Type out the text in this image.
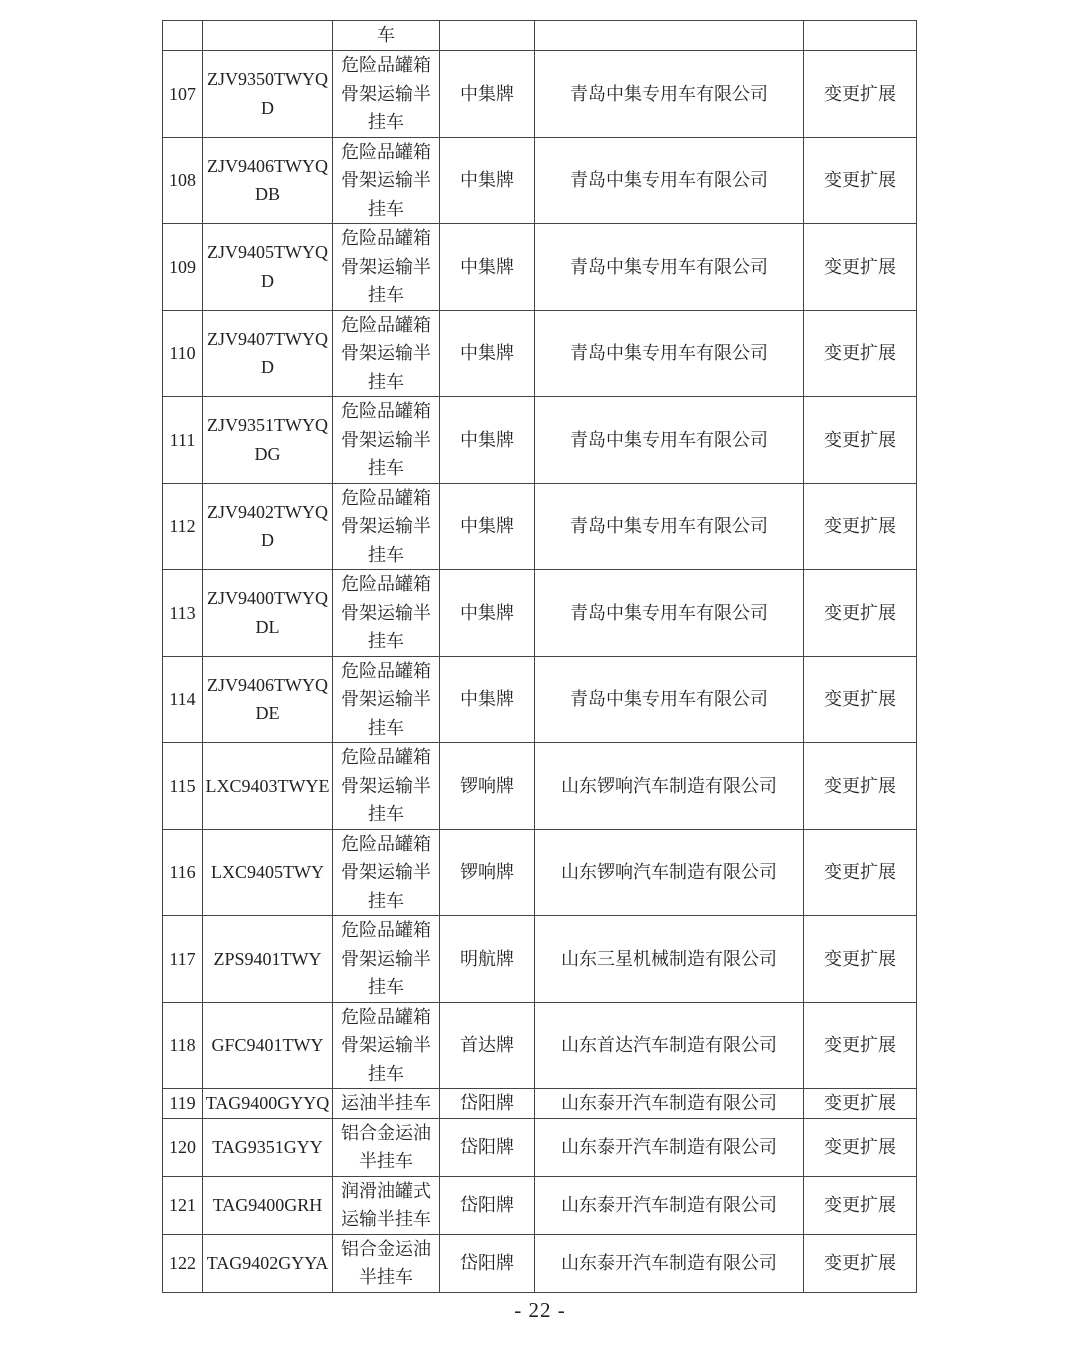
		车			
107	ZJV9350TWYQD	危险品罐箱骨架运输半挂车	中集牌	青岛中集专用车有限公司	变更扩展
108	ZJV9406TWYQDB	危险品罐箱骨架运输半挂车	中集牌	青岛中集专用车有限公司	变更扩展
109	ZJV9405TWYQD	危险品罐箱骨架运输半挂车	中集牌	青岛中集专用车有限公司	变更扩展
110	ZJV9407TWYQD	危险品罐箱骨架运输半挂车	中集牌	青岛中集专用车有限公司	变更扩展
111	ZJV9351TWYQDG	危险品罐箱骨架运输半挂车	中集牌	青岛中集专用车有限公司	变更扩展
112	ZJV9402TWYQD	危险品罐箱骨架运输半挂车	中集牌	青岛中集专用车有限公司	变更扩展
113	ZJV9400TWYQDL	危险品罐箱骨架运输半挂车	中集牌	青岛中集专用车有限公司	变更扩展
114	ZJV9406TWYQDE	危险品罐箱骨架运输半挂车	中集牌	青岛中集专用车有限公司	变更扩展
115	LXC9403TWYE	危险品罐箱骨架运输半挂车	锣响牌	山东锣响汽车制造有限公司	变更扩展
116	LXC9405TWY	危险品罐箱骨架运输半挂车	锣响牌	山东锣响汽车制造有限公司	变更扩展
117	ZPS9401TWY	危险品罐箱骨架运输半挂车	明航牌	山东三星机械制造有限公司	变更扩展
118	GFC9401TWY	危险品罐箱骨架运输半挂车	首达牌	山东首达汽车制造有限公司	变更扩展
119	TAG9400GYYQ	运油半挂车	岱阳牌	山东泰开汽车制造有限公司	变更扩展
120	TAG9351GYY	铝合金运油半挂车	岱阳牌	山东泰开汽车制造有限公司	变更扩展
121	TAG9400GRH	润滑油罐式运输半挂车	岱阳牌	山东泰开汽车制造有限公司	变更扩展
122	TAG9402GYYA	铝合金运油半挂车	岱阳牌	山东泰开汽车制造有限公司	变更扩展
- 22 -
